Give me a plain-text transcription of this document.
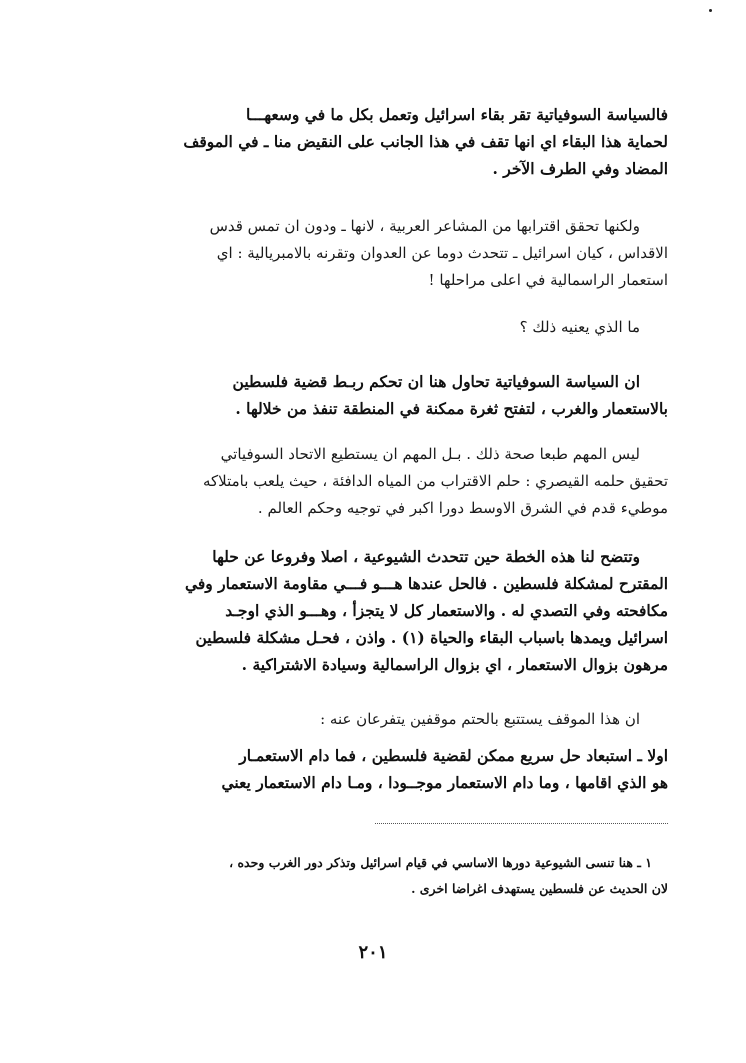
فالسياسة السوفياتية تقر بقاء اسرائيل وتعمل بكل ما في وسعهـــا
لحماية هذا البقاء اي انها تقف في هذا الجانب على النقيض منا ـ في الموقف
المضاد وفي الطرف الآخر .
ولكنها تحقق اقترابها من المشاعر العربية ، لانها ـ ودون ان تمس قدس
الاقداس ، كيان اسرائيل ـ تتحدث دوما عن العدوان وتقرنه بالامبريالية : اي
استعمار الراسمالية في اعلى مراحلها !
ما الذي يعنيه ذلك ؟
ان السياسة السوفياتية تحاول هنا ان تحكم ربـط قضية فلسطين
بالاستعمار والغرب ، لتفتح ثغرة ممكنة في المنطقة تنفذ من خلالها .
ليس المهم طبعا صحة ذلك . بـل المهم ان يستطيع الاتحاد السوفياتي
تحقيق حلمه القيصري : حلم الاقتراب من المياه الدافئة ، حيث يلعب بامتلاكه
موطيء قدم في الشرق الاوسط دورا اكبر في توجيه وحكم العالم .
وتتضح لنا هذه الخطة حين تتحدث الشيوعية ، اصلا وفروعا عن حلها
المقترح لمشكلة فلسطين . فالحل عندها هـــو فـــي مقاومة الاستعمار وفي
مكافحته وفي التصدي له . والاستعمار كل لا يتجزأ ، وهـــو الذي اوجـد
اسرائيل ويمدها باسباب البقاء والحياة (١) . واذن ، فحـل مشكلة فلسطين
مرهون بزوال الاستعمار ، اي بزوال الراسمالية وسيادة الاشتراكية .
ان هذا الموقف يستتبع بالحتم موقفين يتفرعان عنه :
اولا ـ استبعاد حل سريع ممكن لقضية فلسطين ، فما دام الاستعمـار
هو الذي اقامها ، وما دام الاستعمار موجــودا ، ومـا دام الاستعمار يعني
١ ـ هنا تنسى الشيوعية دورها الاساسي في قيام اسرائيل وتذكر دور الغرب وحده ،
لان الحديث عن فلسطين يستهدف اغراضا اخرى .
٢٠١
